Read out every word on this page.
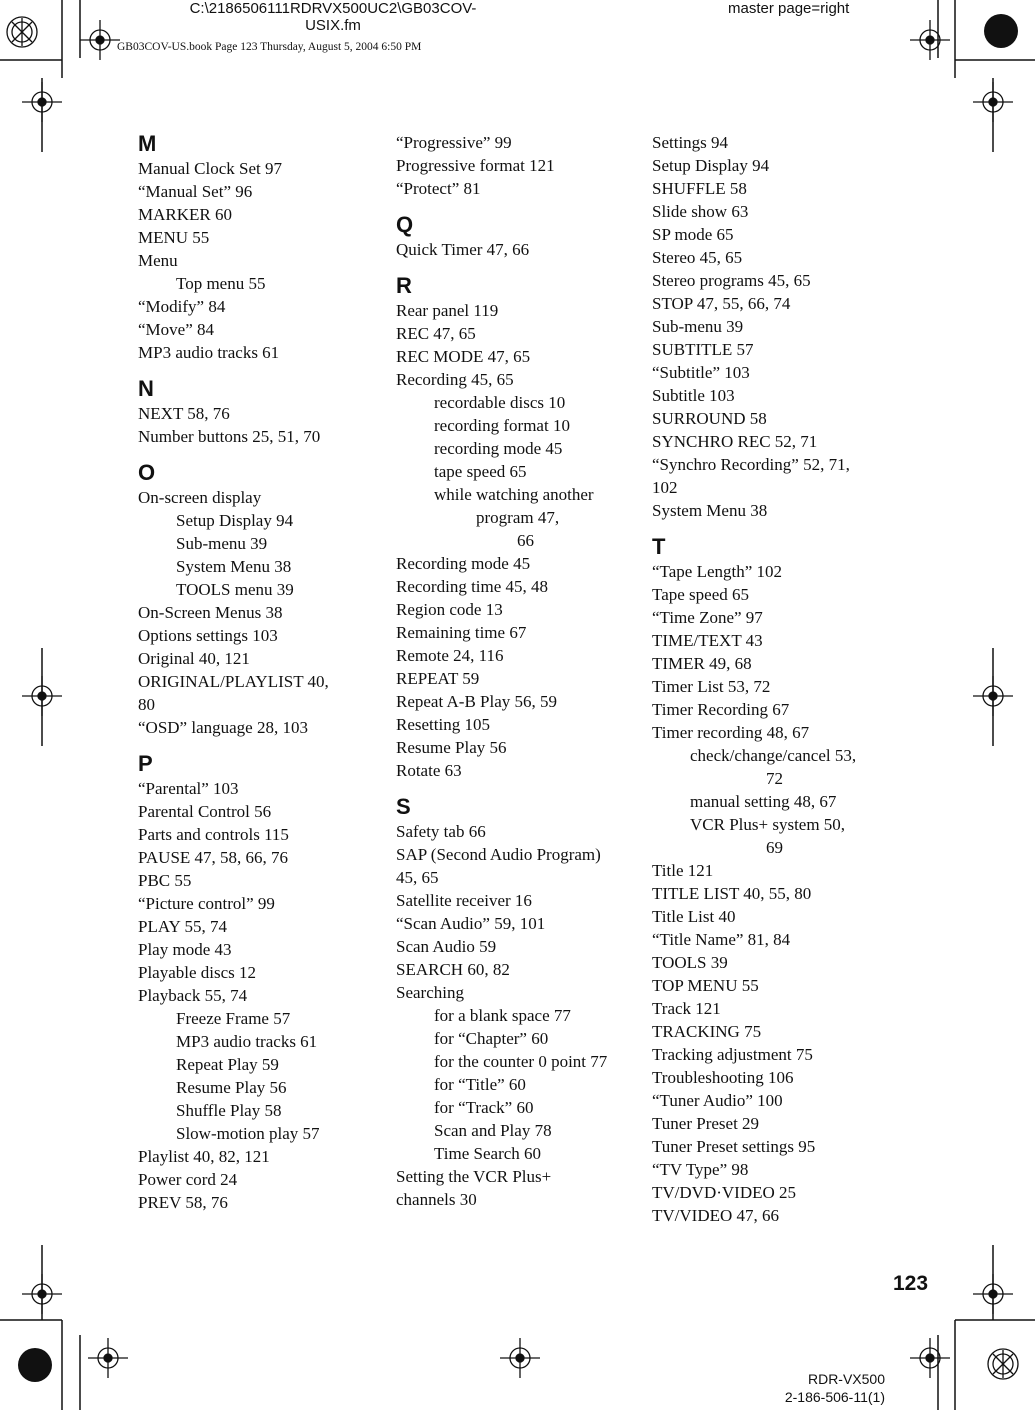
C:\2186506111RDRVX500UC2\GB03COV-
USIX.fm
master page=right
GB03COV-US.book Page 123 Thursday, August 5, 2004 6:50 PM
M
Manual Clock Set 97
“Manual Set” 96
MARKER 60
MENU 55
Menu
Top menu 55
“Modify” 84
“Move” 84
MP3 audio tracks 61
N
NEXT 58, 76
Number buttons 25, 51, 70
O
On-screen display
Setup Display 94
Sub-menu 39
System Menu 38
TOOLS menu 39
On-Screen Menus 38
Options settings 103
Original 40, 121
ORIGINAL/PLAYLIST 40,
80
“OSD” language 28, 103
P
“Parental” 103
Parental Control 56
Parts and controls 115
PAUSE 47, 58, 66, 76
PBC 55
“Picture control” 99
PLAY 55, 74
Play mode 43
Playable discs 12
Playback 55, 74
Freeze Frame 57
MP3 audio tracks 61
Repeat Play 59
Resume Play 56
Shuffle Play 58
Slow-motion play 57
Playlist 40, 82, 121
Power cord 24
PREV 58, 76
“Progressive” 99
Progressive format 121
“Protect” 81
Q
Quick Timer 47, 66
R
Rear panel 119
REC 47, 65
REC MODE 47, 65
Recording 45, 65
recordable discs 10
recording format 10
recording mode 45
tape speed 65
while watching another
program 47,
66
Recording mode 45
Recording time 45, 48
Region code 13
Remaining time 67
Remote 24, 116
REPEAT 59
Repeat A-B Play 56, 59
Resetting 105
Resume Play 56
Rotate 63
S
Safety tab 66
SAP (Second Audio Program)
45, 65
Satellite receiver 16
“Scan Audio” 59, 101
Scan Audio 59
SEARCH 60, 82
Searching
for a blank space 77
for “Chapter” 60
for the counter 0 point 77
for “Title” 60
for “Track” 60
Scan and Play 78
Time Search 60
Setting the VCR Plus+
channels 30
Settings 94
Setup Display 94
SHUFFLE 58
Slide show 63
SP mode 65
Stereo 45, 65
Stereo programs 45, 65
STOP 47, 55, 66, 74
Sub-menu 39
SUBTITLE 57
“Subtitle” 103
Subtitle 103
SURROUND 58
SYNCHRO REC 52, 71
“Synchro Recording” 52, 71,
102
System Menu 38
T
“Tape Length” 102
Tape speed 65
“Time Zone” 97
TIME/TEXT 43
TIMER 49, 68
Timer List 53, 72
Timer Recording 67
Timer recording 48, 67
check/change/cancel 53,
72
manual setting 48, 67
VCR Plus+ system 50,
69
Title 121
TITLE LIST 40, 55, 80
Title List 40
“Title Name” 81, 84
TOOLS 39
TOP MENU 55
Track 121
TRACKING 75
Tracking adjustment 75
Troubleshooting 106
“Tuner Audio” 100
Tuner Preset 29
Tuner Preset settings 95
“TV Type” 98
TV/DVD·VIDEO 25
TV/VIDEO 47, 66
123
RDR-VX500
2-186-506-11(1)
